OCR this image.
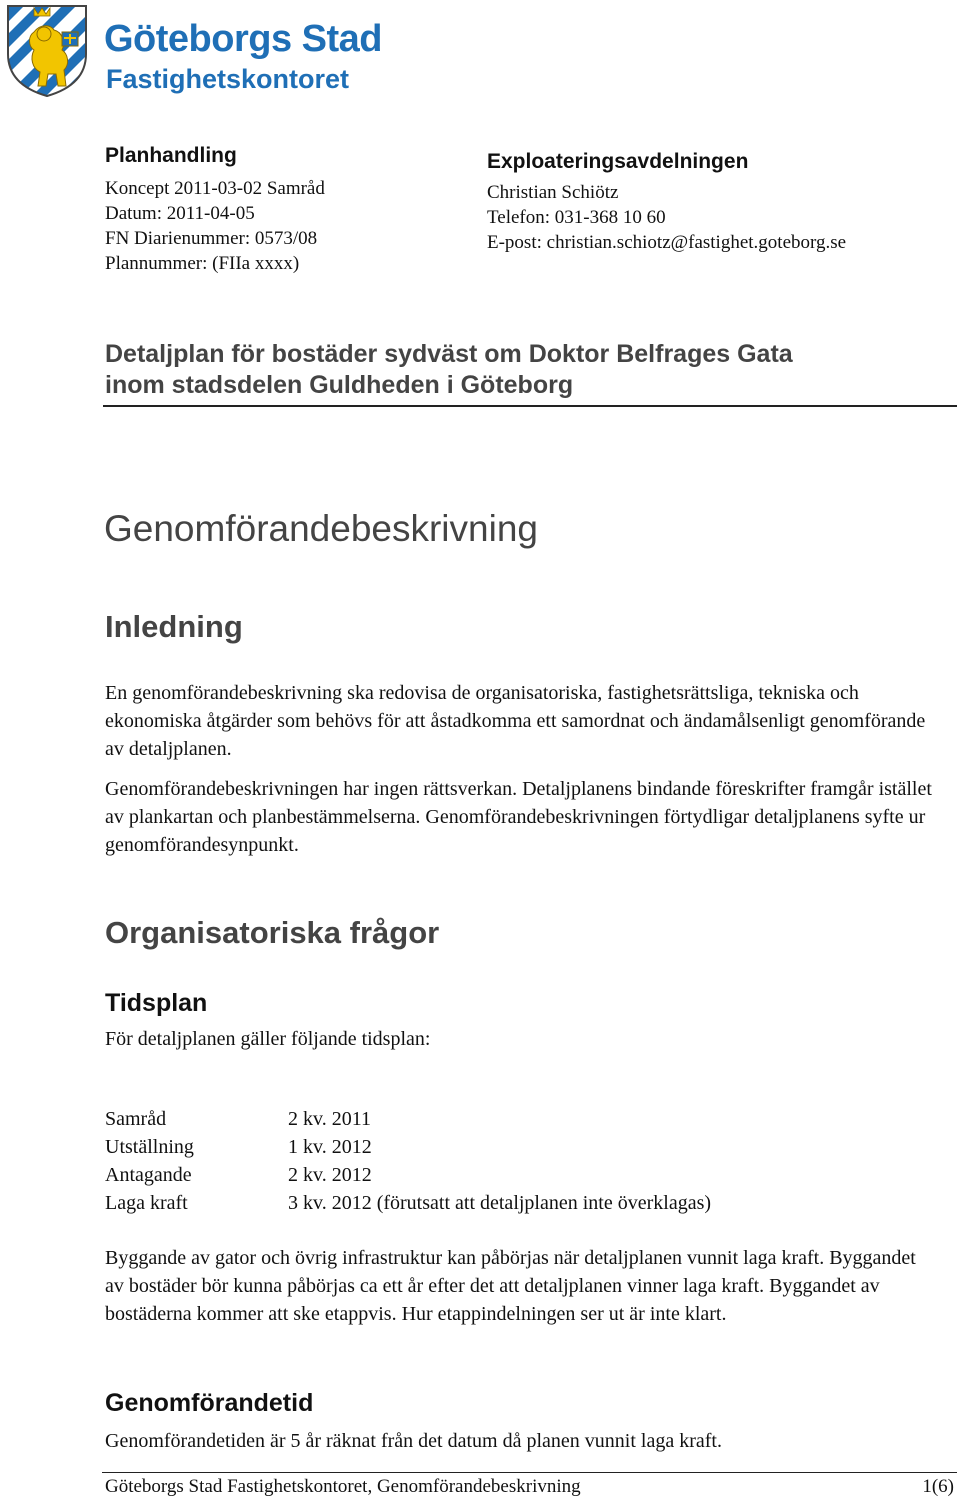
Göteborgs Stad
Fastighetskontoret
Planhandling
Koncept 2011-03-02 Samråd
Datum: 2011-04-05
FN Diarienummer: 0573/08
Plannummer: (FIIa xxxx)
Exploateringsavdelningen
Christian Schiötz
Telefon: 031-368 10 60
E-post: christian.schiotz@fastighet.goteborg.se
Detaljplan för bostäder sydväst om Doktor Belfrages Gata
inom stadsdelen Guldheden i Göteborg
Genomförandebeskrivning
Inledning
En genomförandebeskrivning ska redovisa de organisatoriska, fastighetsrättsliga, tekniska och ekonomiska åtgärder som behövs för att åstadkomma ett samordnat och ändamålsenligt genomförande av detaljplanen.
Genomförandebeskrivningen har ingen rättsverkan. Detaljplanens bindande föreskrifter framgår istället av plankartan och planbestämmelserna. Genomförandebeskrivningen förtydligar detaljplanens syfte ur genomförandesynpunkt.
Organisatoriska frågor
Tidsplan
För detaljplanen gäller följande tidsplan:
Samråd	2 kv. 2011
Utställning	1 kv. 2012
Antagande	2 kv. 2012
Laga kraft	3 kv. 2012 (förutsatt att detaljplanen inte överklagas)
Byggande av gator och övrig infrastruktur kan påbörjas när detaljplanen vunnit laga kraft. Byggandet av bostäder bör kunna påbörjas ca ett år efter det att detaljplanen vinner laga kraft. Byggandet av bostäderna kommer att ske etappvis. Hur etappindelningen ser ut är inte klart.
Genomförandetid
Genomförandetiden är 5 år räknat från det datum då planen vunnit laga kraft.
Göteborgs Stad Fastighetskontoret, Genomförandebeskrivning	1(6)
